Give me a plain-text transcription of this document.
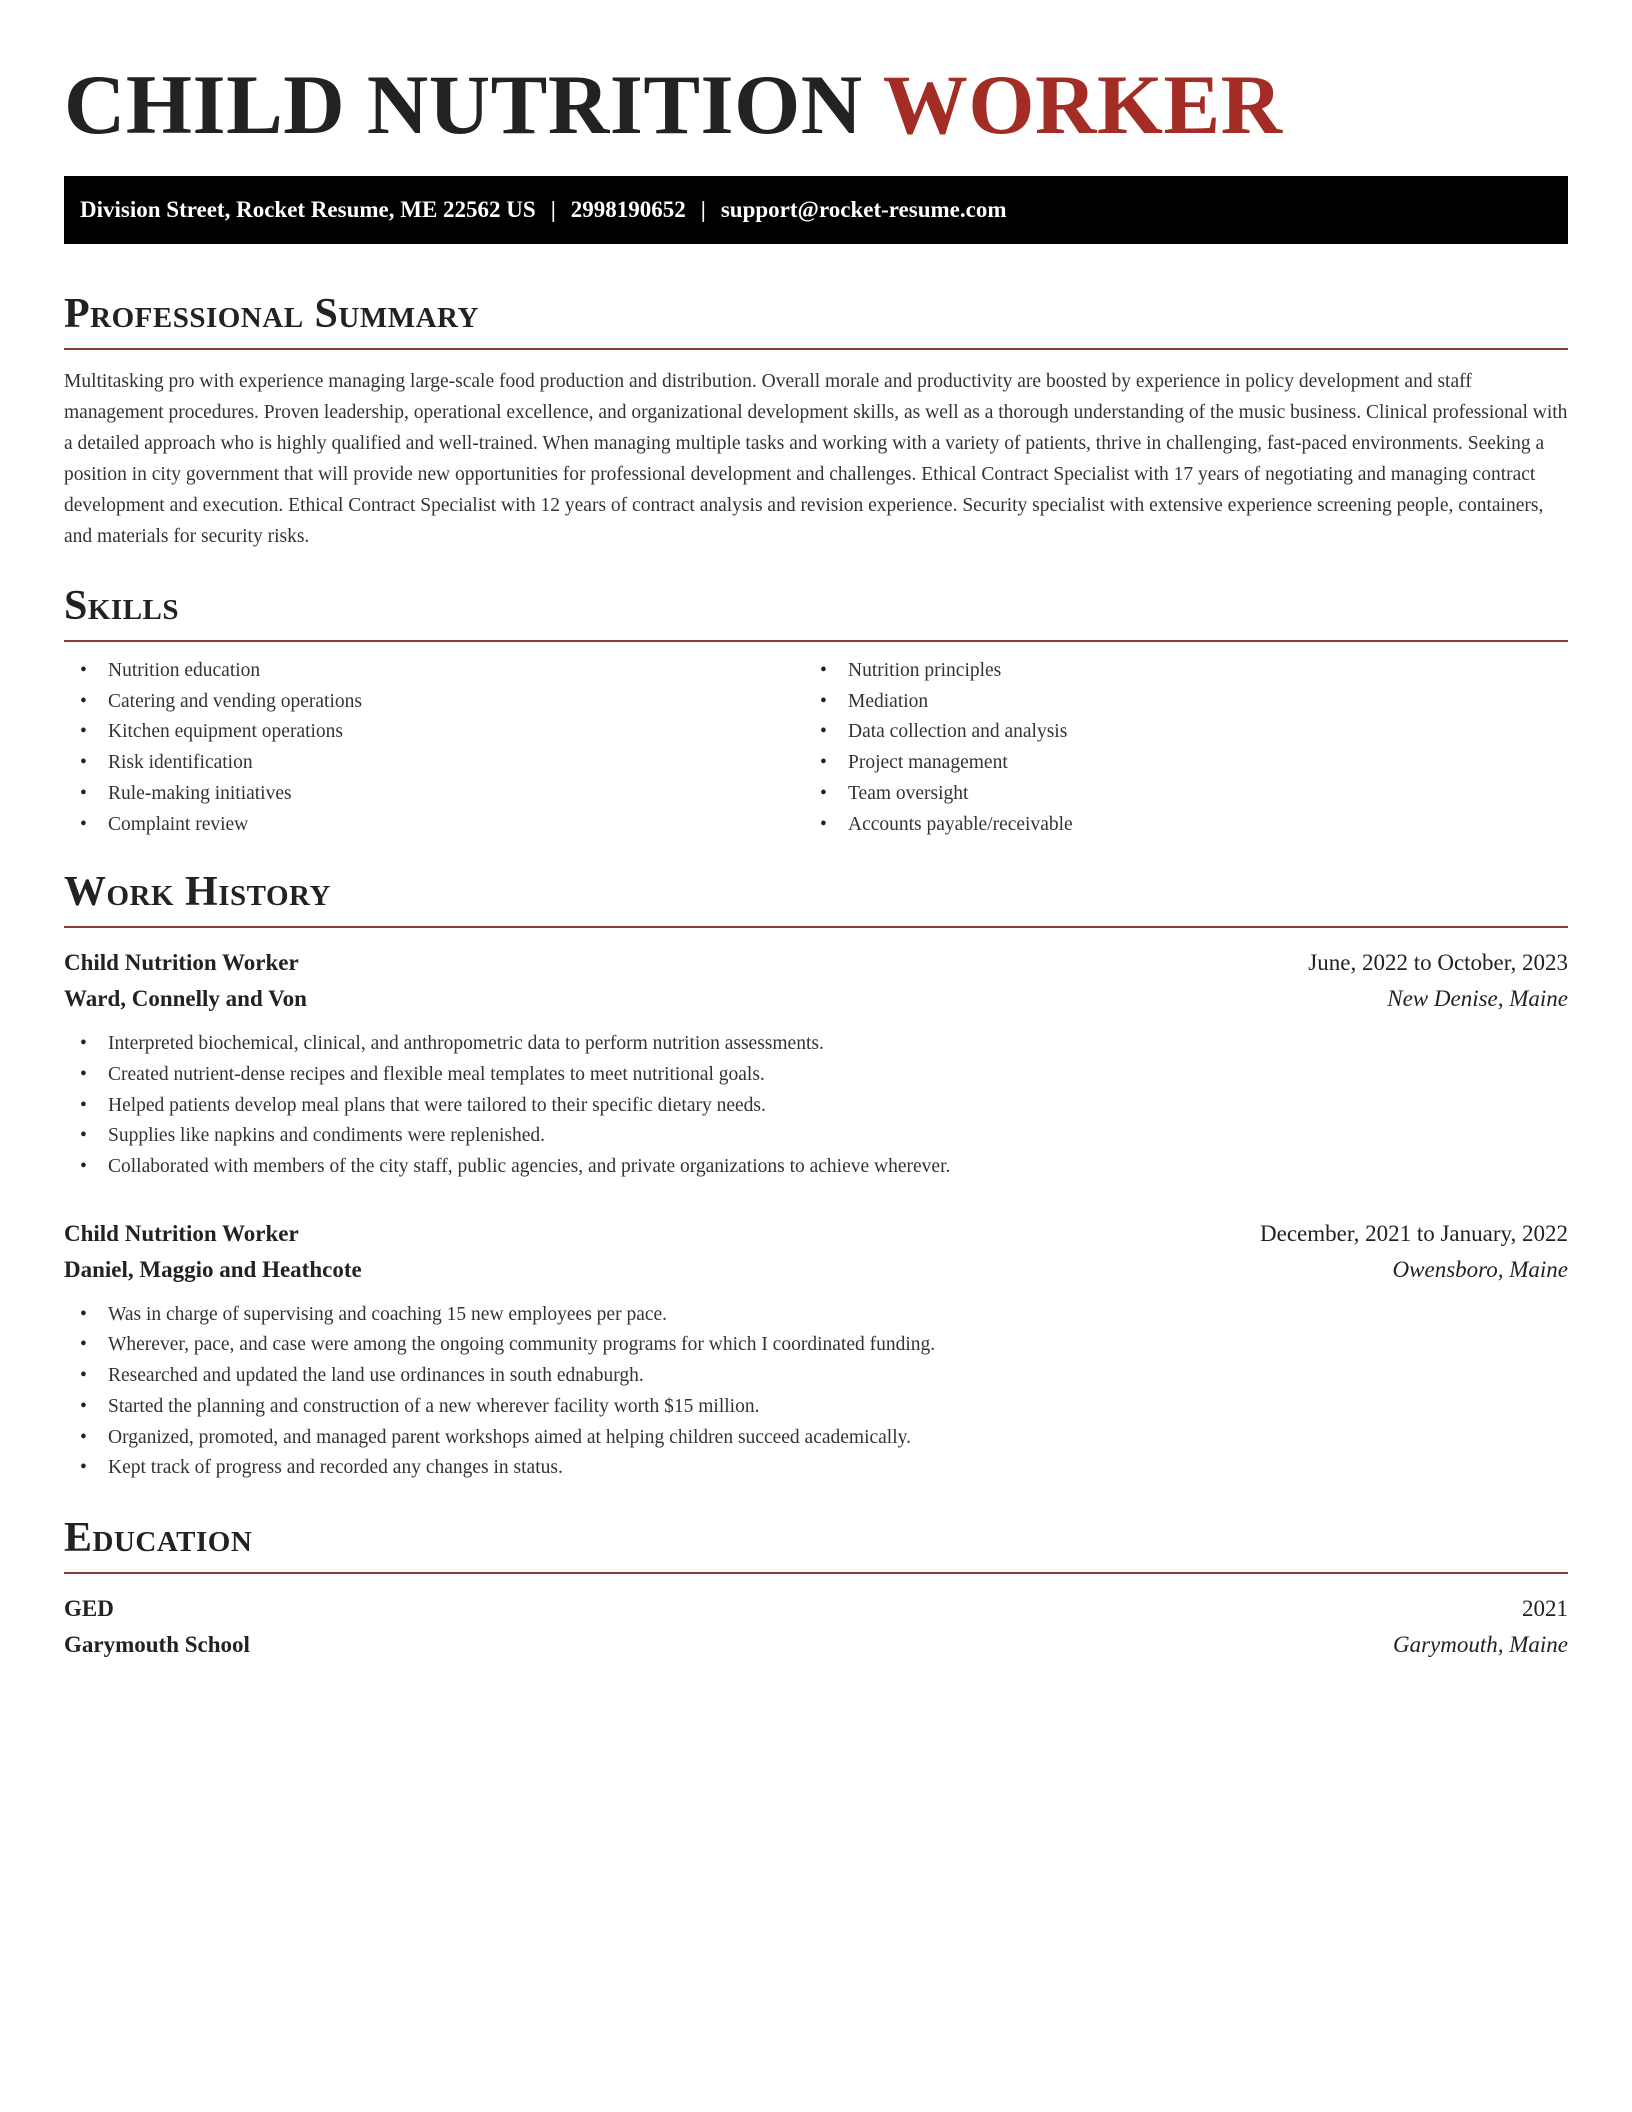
CHILD NUTRITION WORKER
Division Street, Rocket Resume, ME 22562 US | 2998190652 | support@rocket-resume.com
Professional Summary

Multitasking pro with experience managing large-scale food production and distribution. Overall morale and productivity are boosted by experience in policy development and staff management procedures. Proven leadership, operational excellence, and organizational development skills, as well as a thorough understanding of the music business. Clinical professional with a detailed approach who is highly qualified and well-trained. When managing multiple tasks and working with a variety of patients, thrive in challenging, fast-paced environments. Seeking a position in city government that will provide new opportunities for professional development and challenges. Ethical Contract Specialist with 17 years of negotiating and managing contract development and execution. Ethical Contract Specialist with 12 years of contract analysis and revision experience. Security specialist with extensive experience screening people, containers, and materials for security risks.

Skills
• Nutrition education
• Catering and vending operations
• Kitchen equipment operations
• Risk identification
• Rule-making initiatives
• Complaint review
• Nutrition principles
• Mediation
• Data collection and analysis
• Project management
• Team oversight
• Accounts payable/receivable
Work History
Child Nutrition Worker	June, 2022 to October, 2023
Ward, Connelly and Von	New Denise, Maine
• Interpreted biochemical, clinical, and anthropometric data to perform nutrition assessments.
• Created nutrient-dense recipes and flexible meal templates to meet nutritional goals.
• Helped patients develop meal plans that were tailored to their specific dietary needs.
• Supplies like napkins and condiments were replenished.
• Collaborated with members of the city staff, public agencies, and private organizations to achieve wherever.
Child Nutrition Worker	December, 2021 to January, 2022
Daniel, Maggio and Heathcote	Owensboro, Maine
• Was in charge of supervising and coaching 15 new employees per pace.
• Wherever, pace, and case were among the ongoing community programs for which I coordinated funding.
• Researched and updated the land use ordinances in south ednaburgh.
• Started the planning and construction of a new wherever facility worth $15 million.
• Organized, promoted, and managed parent workshops aimed at helping children succeed academically.
• Kept track of progress and recorded any changes in status.
Education
GED	2021
Garymouth School	Garymouth, Maine
